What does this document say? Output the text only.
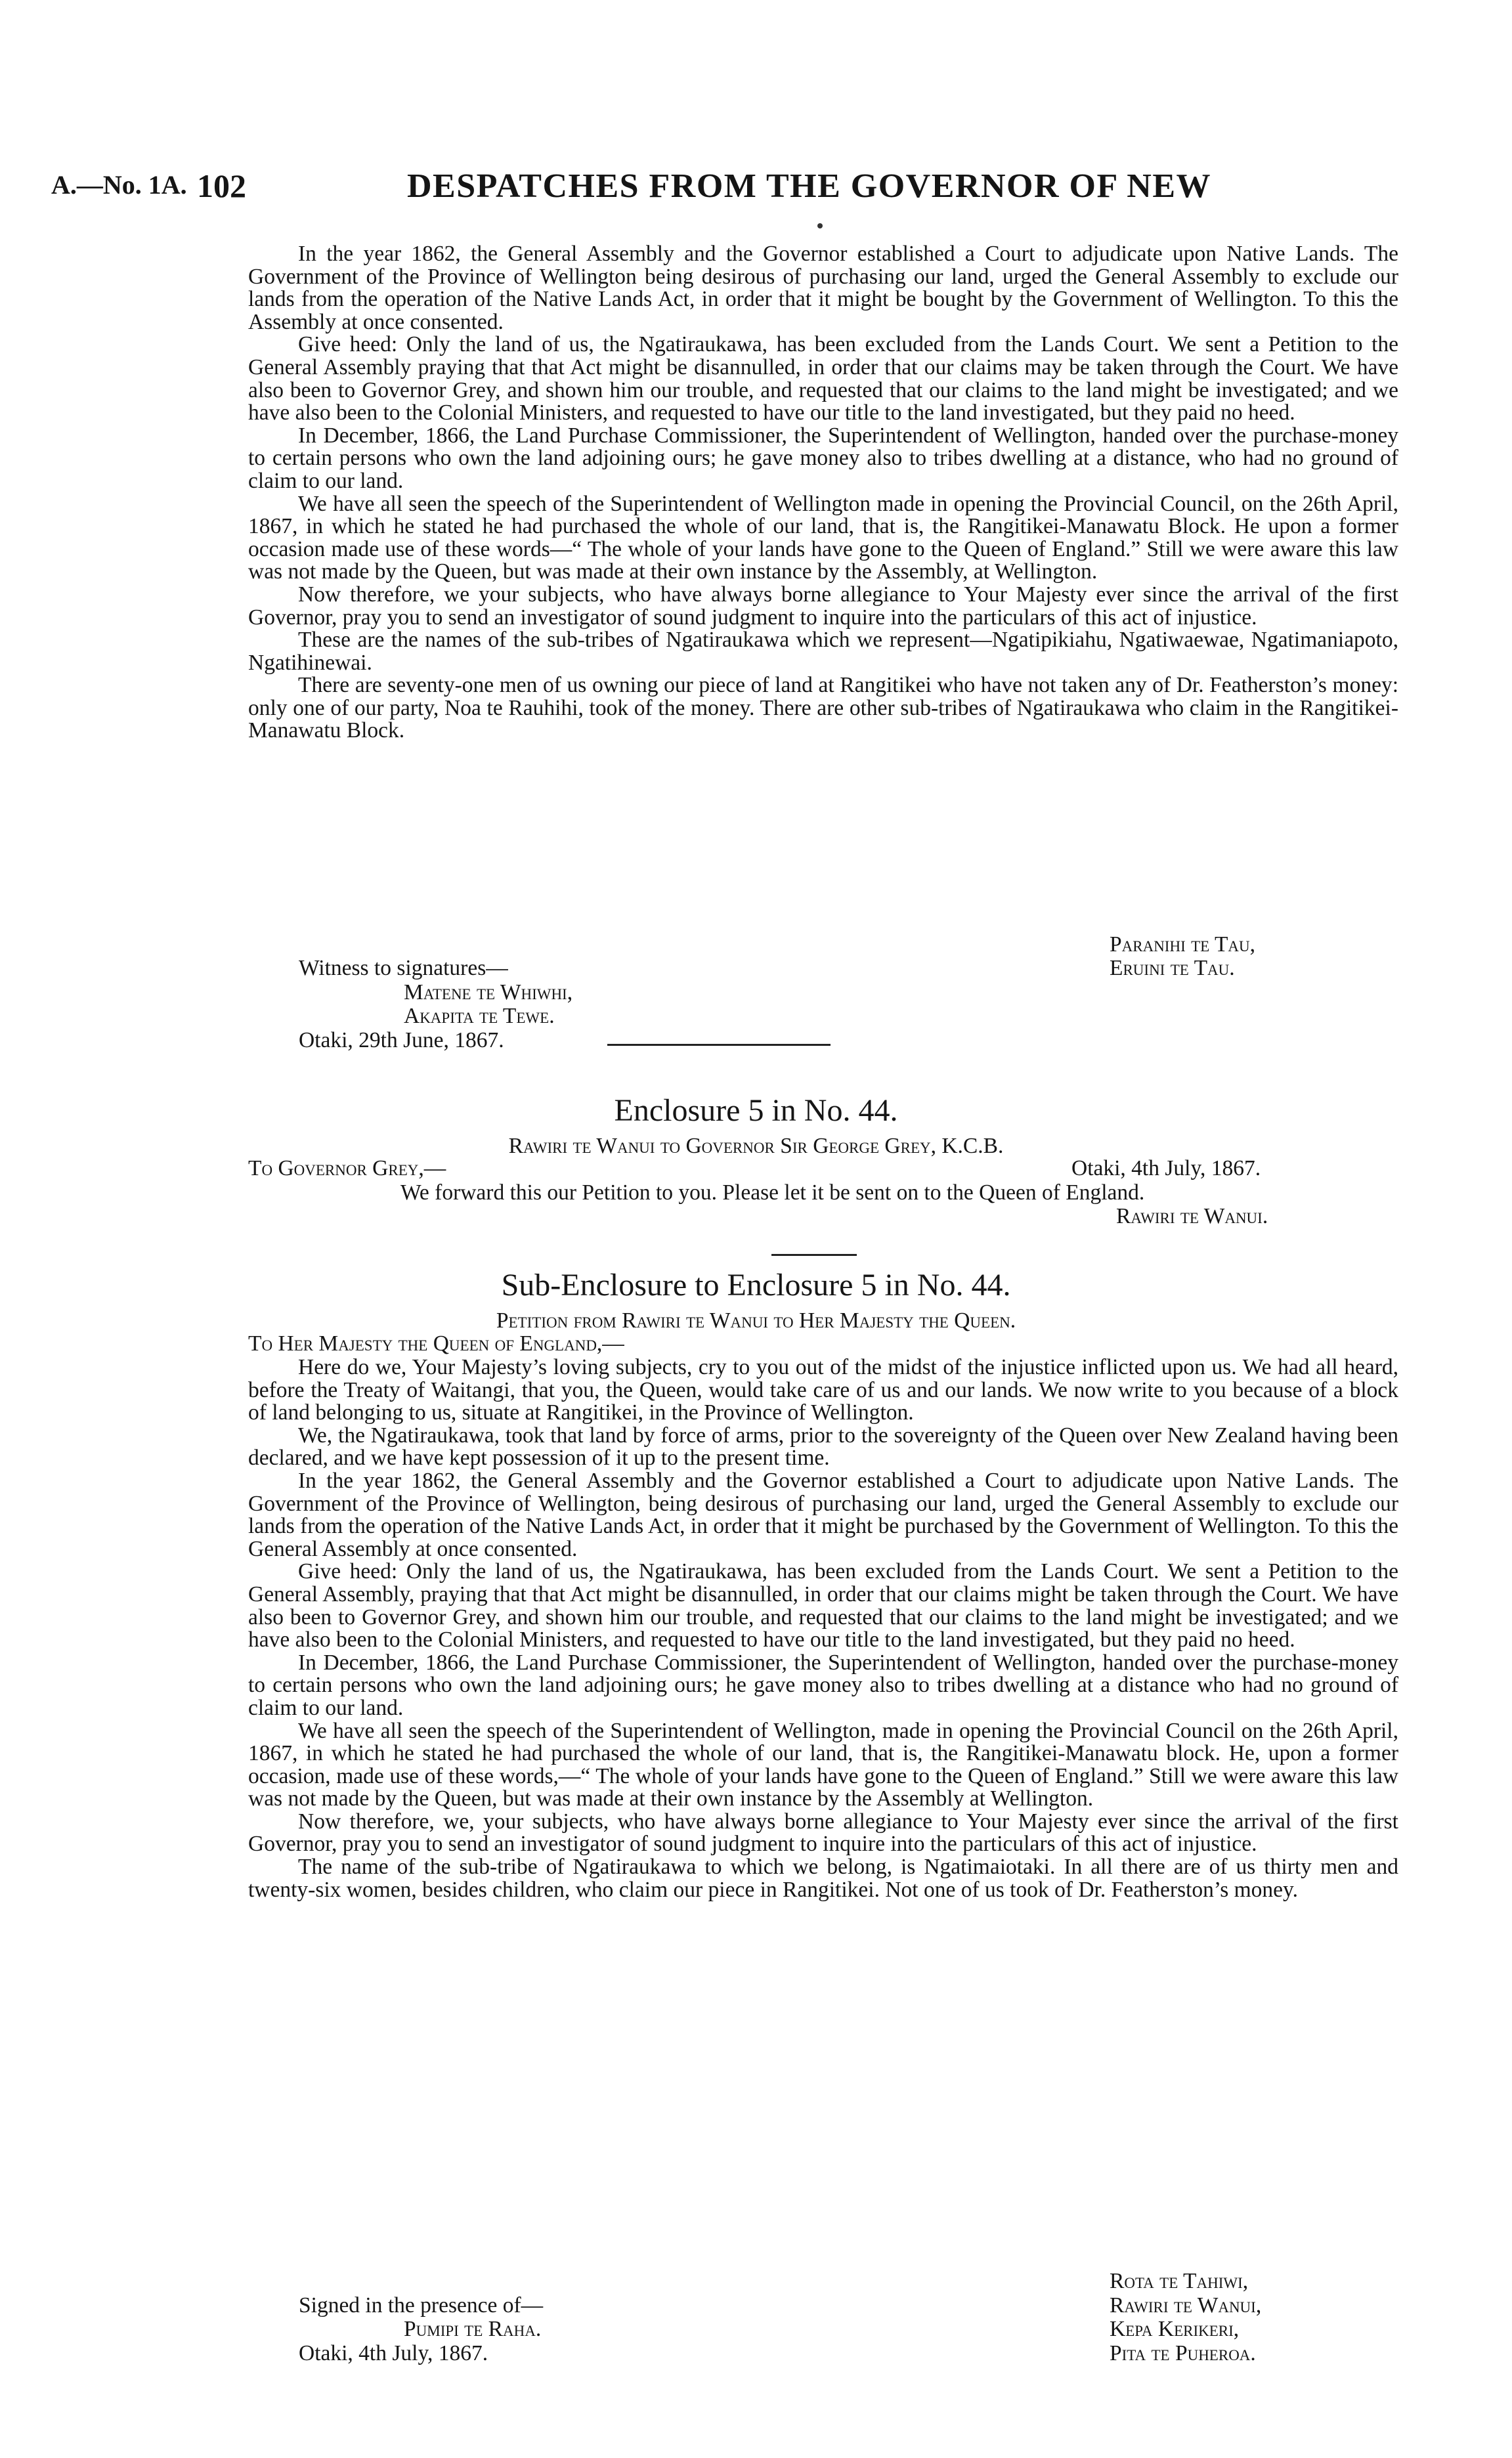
A.—No. 1A. 102	DESPATCHES FROM THE GOVERNOR OF NEW

In the year 1862, the General Assembly and the Governor established a Court to adjudicate upon Native Lands. The Government of the Province of Wellington being desirous of purchasing our land, urged the General Assembly to exclude our lands from the operation of the Native Lands Act, in order that it might be bought by the Government of Wellington. To this the Assembly at once consented.

Give heed: Only the land of us, the Ngatiraukawa, has been excluded from the Lands Court. We sent a Petition to the General Assembly praying that that Act might be disannulled, in order that our claims may be taken through the Court. We have also been to Governor Grey, and shown him our trouble, and requested that our claims to the land might be investigated; and we have also been to the Colonial Ministers, and requested to have our title to the land investigated, but they paid no heed.

In December, 1866, the Land Purchase Commissioner, the Superintendent of Wellington, handed over the purchase-money to certain persons who own the land adjoining ours; he gave money also to tribes dwelling at a distance, who had no ground of claim to our land.

We have all seen the speech of the Superintendent of Wellington made in opening the Provincial Council, on the 26th April, 1867, in which he stated he had purchased the whole of our land, that is, the Rangitikei-Manawatu Block. He upon a former occasion made use of these words—“ The whole of your lands have gone to the Queen of England.” Still we were aware this law was not made by the Queen, but was made at their own instance by the Assembly, at Wellington.

Now therefore, we your subjects, who have always borne allegiance to Your Majesty ever since the arrival of the first Governor, pray you to send an investigator of sound judgment to inquire into the particulars of this act of injustice.

These are the names of the sub-tribes of Ngatiraukawa which we represent—Ngatipikiahu, Ngatiwaewae, Ngatimaniapoto, Ngatihinewai.

There are seventy-one men of us owning our piece of land at Rangitikei who have not taken any of Dr. Featherston’s money: only one of our party, Noa te Rauhihi, took of the money. There are other sub-tribes of Ngatiraukawa who claim in the Rangitikei-Manawatu Block.

Paranihi te Tau,
Eruini te Tau.
Witness to signatures—
Matene te Whiwhi,
Akapita te Tewe.
Otaki, 29th June, 1867.
Enclosure 5 in No. 44.
Rawiri te Wanui to Governor Sir George Grey, K.C.B.
To Governor Grey,—	Otaki, 4th July, 1867.
We forward this our Petition to you. Please let it be sent on to the Queen of England.
Rawiri te Wanui.
Sub-Enclosure to Enclosure 5 in No. 44.
Petition from Rawiri te Wanui to Her Majesty the Queen.
To Her Majesty the Queen of England,—

Here do we, Your Majesty’s loving subjects, cry to you out of the midst of the injustice inflicted upon us. We had all heard, before the Treaty of Waitangi, that you, the Queen, would take care of us and our lands. We now write to you because of a block of land belonging to us, situate at Rangitikei, in the Province of Wellington.

We, the Ngatiraukawa, took that land by force of arms, prior to the sovereignty of the Queen over New Zealand having been declared, and we have kept possession of it up to the present time.

In the year 1862, the General Assembly and the Governor established a Court to adjudicate upon Native Lands. The Government of the Province of Wellington, being desirous of purchasing our land, urged the General Assembly to exclude our lands from the operation of the Native Lands Act, in order that it might be purchased by the Government of Wellington. To this the General Assembly at once consented.

Give heed: Only the land of us, the Ngatiraukawa, has been excluded from the Lands Court. We sent a Petition to the General Assembly, praying that that Act might be disannulled, in order that our claims might be taken through the Court. We have also been to Governor Grey, and shown him our trouble, and requested that our claims to the land might be investigated; and we have also been to the Colonial Ministers, and requested to have our title to the land investigated, but they paid no heed.

In December, 1866, the Land Purchase Commissioner, the Superintendent of Wellington, handed over the purchase-money to certain persons who own the land adjoining ours; he gave money also to tribes dwelling at a distance who had no ground of claim to our land.

We have all seen the speech of the Superintendent of Wellington, made in opening the Provincial Council on the 26th April, 1867, in which he stated he had purchased the whole of our land, that is, the Rangitikei-Manawatu block. He, upon a former occasion, made use of these words,—“ The whole of your lands have gone to the Queen of England.” Still we were aware this law was not made by the Queen, but was made at their own instance by the Assembly at Wellington.

Now therefore, we, your subjects, who have always borne allegiance to Your Majesty ever since the arrival of the first Governor, pray you to send an investigator of sound judgment to inquire into the particulars of this act of injustice.

The name of the sub-tribe of Ngatiraukawa to which we belong, is Ngatimaiotaki. In all there are of us thirty men and twenty-six women, besides children, who claim our piece in Rangitikei. Not one of us took of Dr. Featherston’s money.

Rota te Tahiwi,
Rawiri te Wanui,
Kepa Kerikeri,
Pita te Puheroa.
Signed in the presence of—
Pumipi te Raha.
Otaki, 4th July, 1867.
